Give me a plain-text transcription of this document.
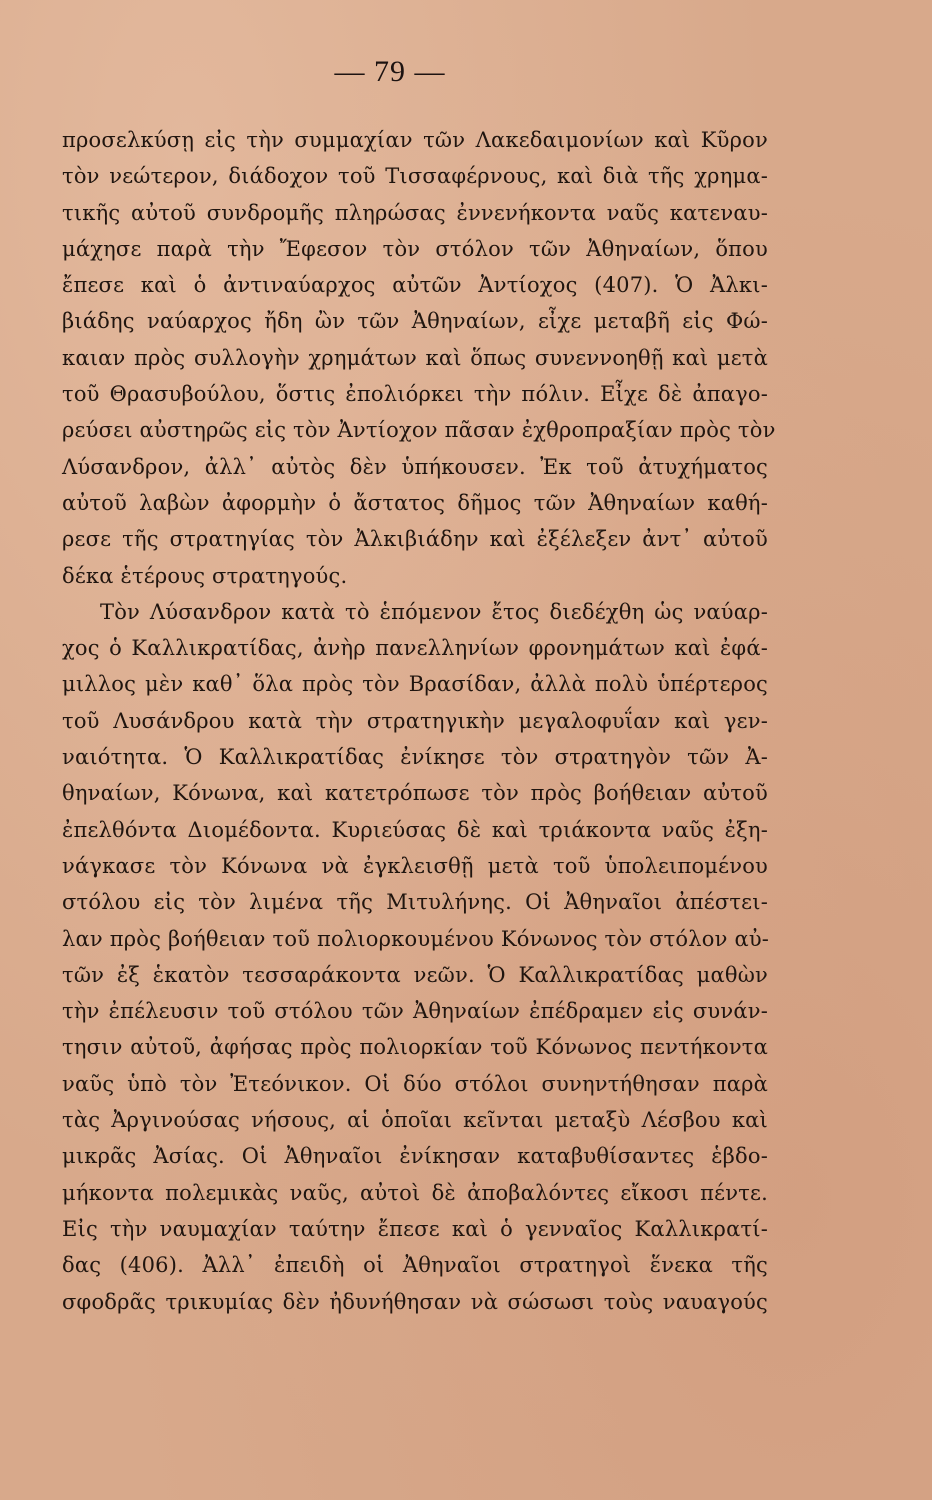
— 79 —
προσελκύσῃ εἰς τὴν συμμαχίαν τῶν Λακεδαιμονίων καὶ Κῦρον
τὸν νεώτερον, διάδοχον τοῦ Τισσαφέρνους, καὶ διὰ τῆς χρημα-
τικῆς αὐτοῦ συνδρομῆς πληρώσας ἐννενήκοντα ναῦς κατεναυ-
μάχησε παρὰ τὴν Ἔφεσον τὸν στόλον τῶν Ἀθηναίων, ὅπου
ἔπεσε καὶ ὁ ἀντιναύαρχος αὐτῶν Ἀντίοχος (407). Ὁ Ἀλκι-
βιάδης ναύαρχος ἤδη ὢν τῶν Ἀθηναίων, εἶχε μεταβῆ εἰς Φώ-
καιαν πρὸς συλλογὴν χρημάτων καὶ ὅπως συνεννοηθῇ καὶ μετὰ
τοῦ Θρασυβούλου, ὅστις ἐπολιόρκει τὴν πόλιν. Εἶχε δὲ ἀπαγο-
ρεύσει αὐστηρῶς εἰς τὸν Ἀντίοχον πᾶσαν ἐχθροπραξίαν πρὸς τὸν
Λύσανδρον, ἀλλ᾽ αὐτὸς δὲν ὑπήκουσεν. Ἐκ τοῦ ἀτυχήματος
αὐτοῦ λαβὼν ἀφορμὴν ὁ ἄστατος δῆμος τῶν Ἀθηναίων καθή-
ρεσε τῆς στρατηγίας τὸν Ἀλκιβιάδην καὶ ἐξέλεξεν ἀντ᾽ αὐτοῦ
δέκα ἑτέρους στρατηγούς.
Τὸν Λύσανδρον κατὰ τὸ ἑπόμενον ἔτος διεδέχθη ὡς ναύαρ-
χος ὁ Καλλικρατίδας, ἀνὴρ πανελληνίων φρονημάτων καὶ ἐφά-
μιλλος μὲν καθ᾽ ὅλα πρὸς τὸν Βρασίδαν, ἀλλὰ πολὺ ὑπέρτερος
τοῦ Λυσάνδρου κατὰ τὴν στρατηγικὴν μεγαλοφυΐαν καὶ γεν-
ναιότητα. Ὁ Καλλικρατίδας ἐνίκησε τὸν στρατηγὸν τῶν Ἀ-
θηναίων, Κόνωνα, καὶ κατετρόπωσε τὸν πρὸς βοήθειαν αὐτοῦ
ἐπελθόντα Διομέδοντα. Κυριεύσας δὲ καὶ τριάκοντα ναῦς ἐξη-
νάγκασε τὸν Κόνωνα νὰ ἐγκλεισθῇ μετὰ τοῦ ὑπολειπομένου
στόλου εἰς τὸν λιμένα τῆς Μιτυλήνης. Οἱ Ἀθηναῖοι ἀπέστει-
λαν πρὸς βοήθειαν τοῦ πολιορκουμένου Κόνωνος τὸν στόλον αὐ-
τῶν ἐξ ἑκατὸν τεσσαράκοντα νεῶν. Ὁ Καλλικρατίδας μαθὼν
τὴν ἐπέλευσιν τοῦ στόλου τῶν Ἀθηναίων ἐπέδραμεν εἰς συνάν-
τησιν αὐτοῦ, ἀφήσας πρὸς πολιορκίαν τοῦ Κόνωνος πεντήκοντα
ναῦς ὑπὸ τὸν Ἐτεόνικον. Οἱ δύο στόλοι συνηντήθησαν παρὰ
τὰς Ἀργινούσας νήσους, αἱ ὁποῖαι κεῖνται μεταξὺ Λέσβου καὶ
μικρᾶς Ἀσίας. Οἱ Ἀθηναῖοι ἐνίκησαν καταβυθίσαντες ἑβδο-
μήκοντα πολεμικὰς ναῦς, αὐτοὶ δὲ ἀποβαλόντες εἴκοσι πέντε.
Εἰς τὴν ναυμαχίαν ταύτην ἔπεσε καὶ ὁ γενναῖος Καλλικρατί-
δας (406). Ἀλλ᾽ ἐπειδὴ οἱ Ἀθηναῖοι στρατηγοὶ ἕνεκα τῆς
σφοδρᾶς τρικυμίας δὲν ἠδυνήθησαν νὰ σώσωσι τοὺς ναυαγούς
